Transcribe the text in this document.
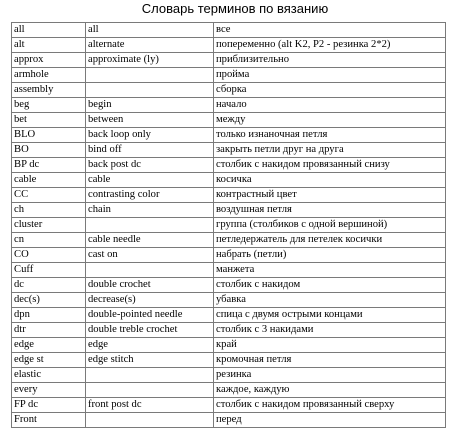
Словарь терминов по вязанию
all	all	все
alt	alternate	попеременно (alt K2, P2 - резинка 2*2)
approx	approximate (ly)	приблизительно
armhole		пройма
assembly		сборка
beg	begin	начало
bet	between	между
BLO	back loop only	только изнаночная петля
BO	bind off	закрыть петли друг на друга
BP dc	back post dc	столбик с накидом провязанный снизу
cable	cable	косичка
CC	contrasting color	контрастный цвет
ch	chain	воздушная петля
cluster		группа (столбиков с одной вершиной)
cn	cable needle	петледержатель для петелек косички
CO	cast on	набрать (петли)
Cuff		манжета
dc	double crochet	столбик с накидом
dec(s)	decrease(s)	убавка
dpn	double-pointed needle	спица с двумя острыми концами
dtr	double treble crochet	столбик с 3 накидами
edge	edge	край
edge st	edge stitch	кромочная петля
elastic		резинка
every		каждое, каждую
FP dc	front post dc	столбик с накидом провязанный сверху
Front		перед
